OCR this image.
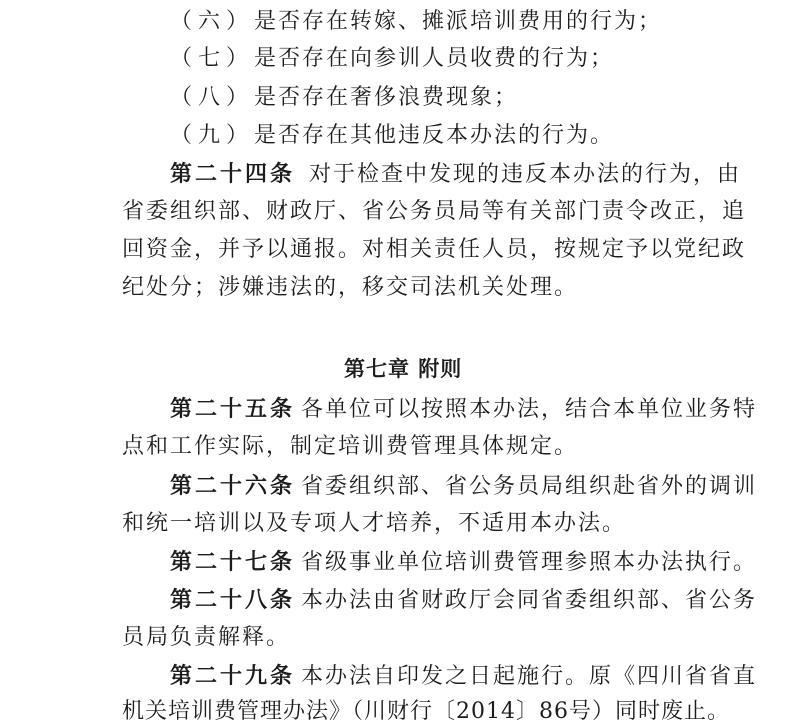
（六）是否存在转嫁、摊派培训费用的行为；
（七）是否存在向参训人员收费的行为；
（八）是否存在奢侈浪费现象；
（九）是否存在其他违反本办法的行为。
第二十四条 对于检查中发现的违反本办法的行为，由
省委组织部、财政厅、省公务员局等有关部门责令改正，追
回资金，并予以通报。对相关责任人员，按规定予以党纪政
纪处分；涉嫌违法的，移交司法机关处理。
第七章 附则
第二十五条 各单位可以按照本办法，结合本单位业务特
点和工作实际，制定培训费管理具体规定。
第二十六条 省委组织部、省公务员局组织赴省外的调训
和统一培训以及专项人才培养，不适用本办法。
第二十七条 省级事业单位培训费管理参照本办法执行。
第二十八条 本办法由省财政厅会同省委组织部、省公务
员局负责解释。
第二十九条 本办法自印发之日起施行。原《四川省省直
机关培训费管理办法》（川财行〔2014〕86号）同时废止。
